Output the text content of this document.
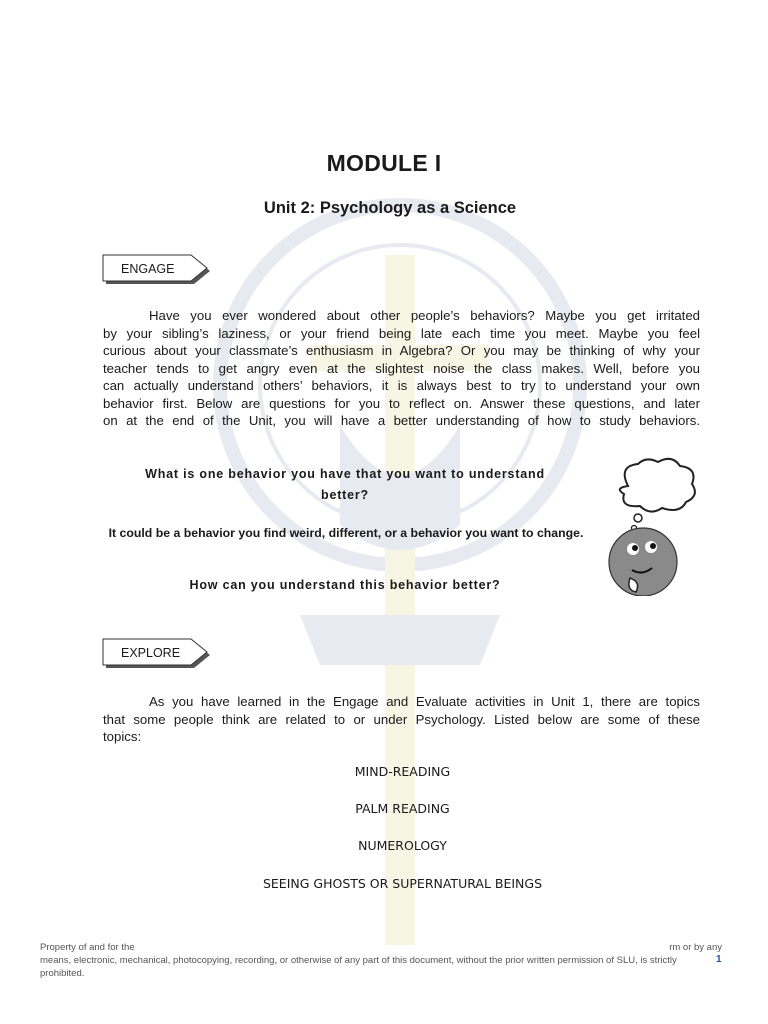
MODULE I
Unit 2: Psychology as a Science
ENGAGE
Have you ever wondered about other people’s behaviors? Maybe you get irritated
by your sibling’s laziness, or your friend being late each time you meet. Maybe you feel
curious about your classmate’s enthusiasm in Algebra? Or you may be thinking of why your
teacher tends to get angry even at the slightest noise the class makes. Well, before you
can actually understand others’ behaviors, it is always best to try to understand your own
behavior first. Below are questions for you to reflect on. Answer these questions, and later
on at the end of the Unit, you will have a better understanding of how to study behaviors.
What is one behavior you have that you want to understand better?
It could be a behavior you find weird, different, or a behavior you want to change.
How can you understand this behavior better?
EXPLORE
As you have learned in the Engage and Evaluate activities in Unit 1, there are topics
that some people think are related to or under Psychology. Listed below are some of these
topics:
MIND-READING
PALM READING
NUMEROLOGY
SEEING GHOSTS OR SUPERNATURAL BEINGS
Property of and for the	rm or by any
means, electronic, mechanical, photocopying, recording, or otherwise of any part of this document, without the prior written permission of SLU, is strictly prohibited.
1
